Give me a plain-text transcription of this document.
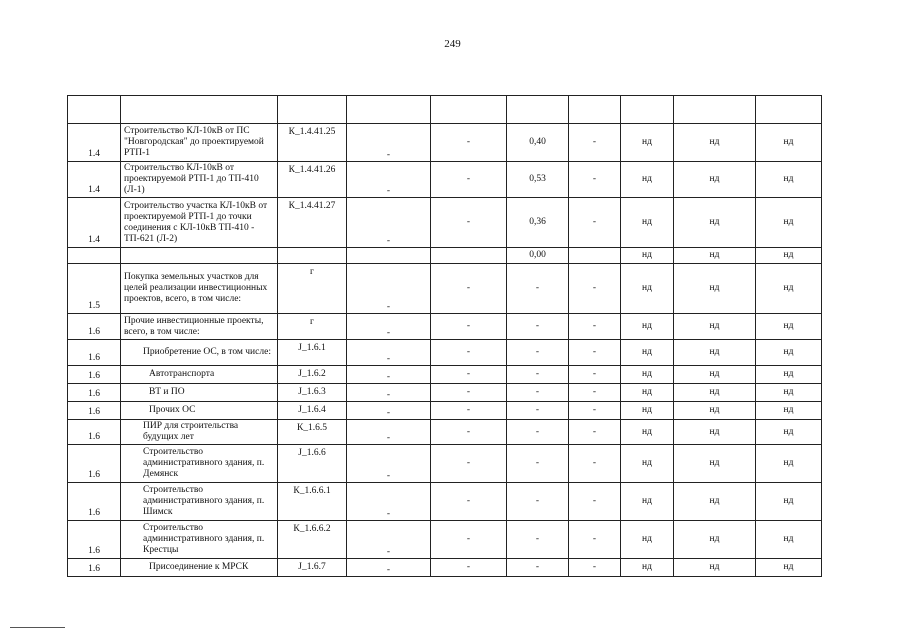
249

1.4	Строительство КЛ-10кВ от ПС "Новгородская" до проектируемой РТП-1	К_1.4.41.25	-	-	0,40	-	нд	нд	нд
1.4	Строительство КЛ-10кВ от проектируемой РТП-1 до ТП-410 (Л-1)	К_1.4.41.26	-	-	0,53	-	нд	нд	нд
1.4	Строительство участка КЛ-10кВ от проектируемой РТП-1 до точки соединения с КЛ-10кВ ТП-410 - ТП-621 (Л-2)	К_1.4.41.27	-	-	0,36	-	нд	нд	нд
					0,00		нд	нд	нд
1.5	Покупка земельных участков для целей реализации инвестиционных проектов, всего, в том числе:	г	-	-	-	-	нд	нд	нд
1.6	Прочие инвестиционные проекты, всего, в том числе:	г	-	-	-	-	нд	нд	нд
1.6	Приобретение ОС, в том числе:	J_1.6.1	-	-	-	-	нд	нд	нд
1.6	Автотранспорта	J_1.6.2	-	-	-	-	нд	нд	нд
1.6	ВТ и ПО	J_1.6.3	-	-	-	-	нд	нд	нд
1.6	Прочих ОС	J_1.6.4	-	-	-	-	нд	нд	нд
1.6	ПИР для строительства будущих лет	К_1.6.5	-	-	-	-	нд	нд	нд
1.6	Строительство административного здания, п. Демянск	J_1.6.6	-	-	-	-	нд	нд	нд
1.6	Строительство административного здания, п. Шимск	К_1.6.6.1	-	-	-	-	нд	нд	нд
1.6	Строительство административного здания, п. Крестцы	К_1.6.6.2	-	-	-	-	нд	нд	нд
1.6	Присоединение к МРСК	J_1.6.7	-	-	-	-	нд	нд	нд
